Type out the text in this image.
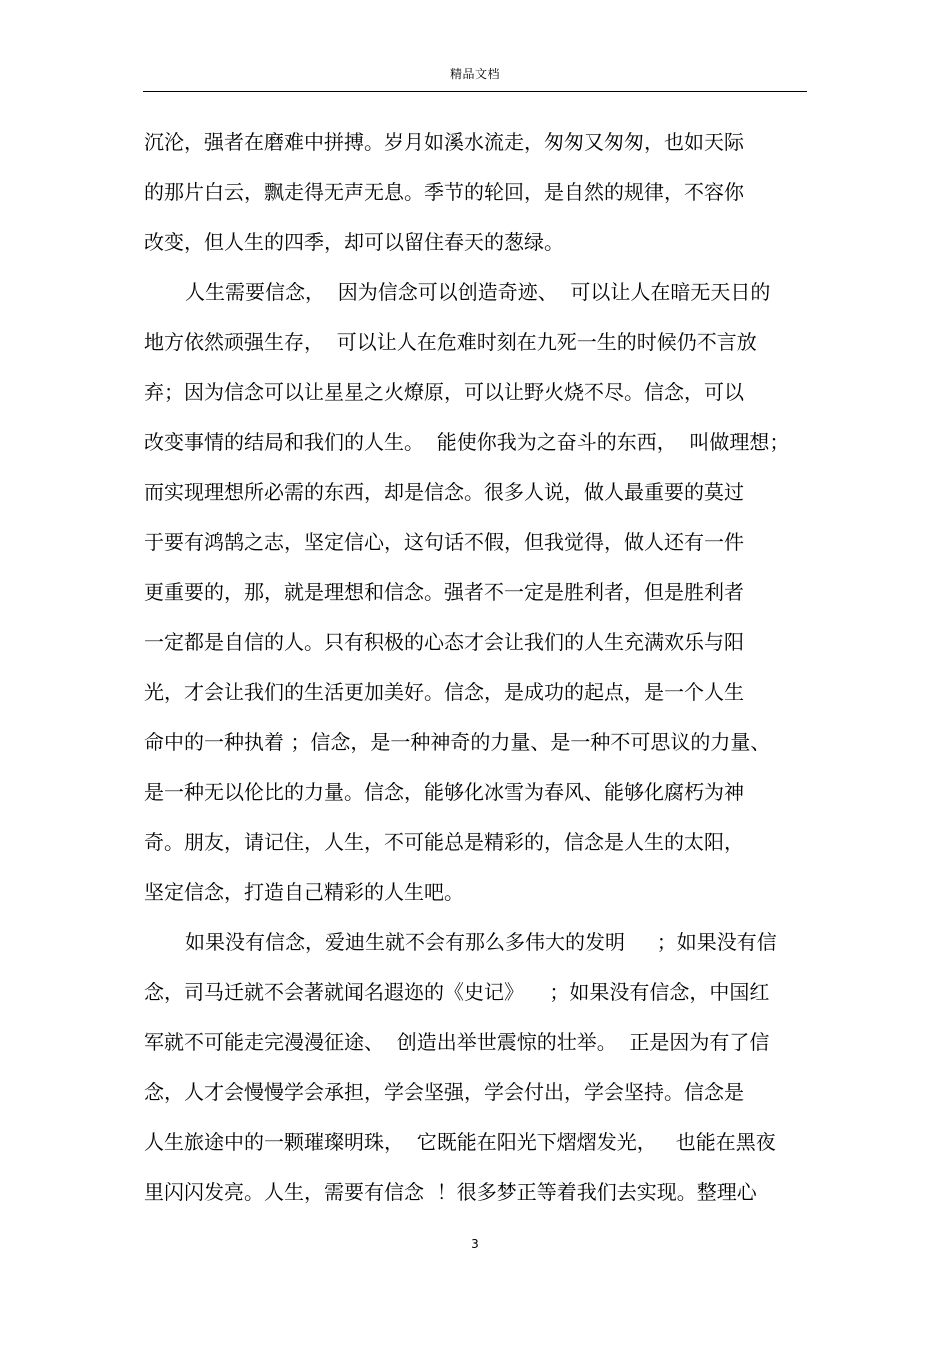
精品文档
沉沦，强者在磨难中拼搏。岁月如溪水流走，匆匆又匆匆，也如天际
的那片白云，飘走得无声无息。季节的轮回，是自然的规律，不容你
改变，但人生的四季，却可以留住春天的葱绿。
人生需要信念，  因为信念可以创造奇迹、  可以让人在暗无天日的
地方依然顽强生存，  可以让人在危难时刻在九死一生的时候仍不言放
弃；因为信念可以让星星之火燎原，可以让野火烧不尽。信念，可以
改变事情的结局和我们的人生。  能使你我为之奋斗的东西，  叫做理想；
而实现理想所必需的东西，却是信念。很多人说，做人最重要的莫过
于要有鸿鹄之志，坚定信心，这句话不假，但我觉得，做人还有一件
更重要的，那，就是理想和信念。强者不一定是胜利者，但是胜利者
一定都是自信的人。只有积极的心态才会让我们的人生充满欢乐与阳
光，才会让我们的生活更加美好。信念，是成功的起点，是一个人生
命中的一种执着 ；信念，是一种神奇的力量、是一种不可思议的力量、
是一种无以伦比的力量。信念，能够化冰雪为春风、能够化腐朽为神
奇。朋友，请记住，人生，不可能总是精彩的，信念是人生的太阳，
坚定信念，打造自己精彩的人生吧。
如果没有信念，爱迪生就不会有那么多伟大的发明     ；如果没有信
念，司马迁就不会著就闻名遐迩的《史记》    ；如果没有信念，中国红
军就不可能走完漫漫征途、  创造出举世震惊的壮举。  正是因为有了信
念，人才会慢慢学会承担，学会坚强，学会付出，学会坚持。信念是
人生旅途中的一颗璀璨明珠，  它既能在阳光下熠熠发光，   也能在黑夜
里闪闪发亮。人生，需要有信念  ！很多梦正等着我们去实现。整理心
3
